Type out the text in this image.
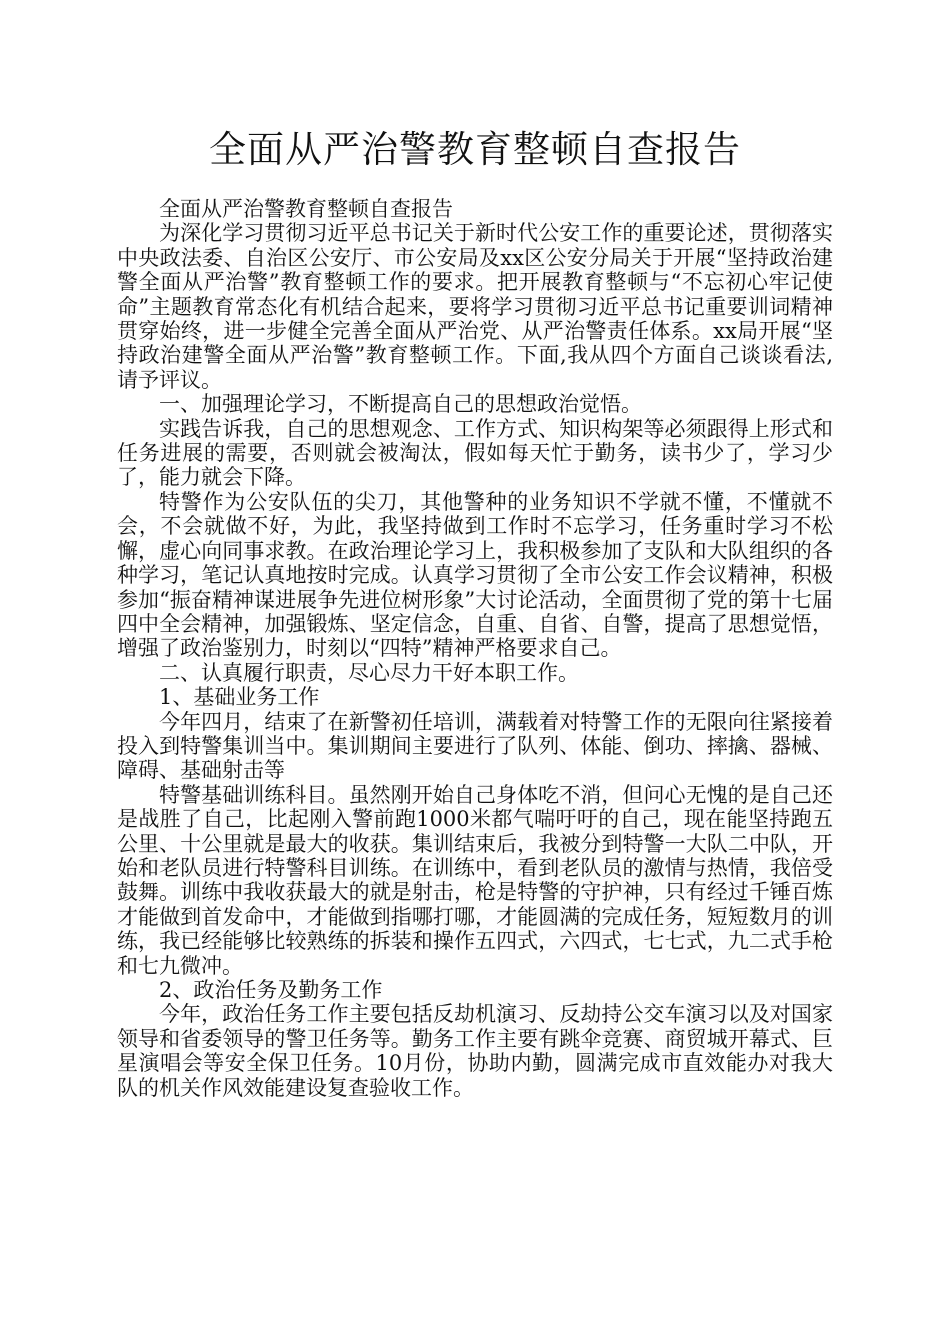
全面从严治警教育整顿自查报告

全面从严治警教育整顿自查报告

为深化学习贯彻习近平总书记关于新时代公安工作的重要论述，贯彻落实中央政法委、自治区公安厅、市公安局及xx区公安分局关于开展“坚持政治建警全面从严治警”教育整顿工作的要求。把开展教育整顿与“不忘初心牢记使命”主题教育常态化有机结合起来，要将学习贯彻习近平总书记重要训词精神贯穿始终，进一步健全完善全面从严治党、从严治警责任体系。xx局开展“坚持政治建警全面从严治警”教育整顿工作。下面,我从四个方面自己谈谈看法,请予评议。

一、加强理论学习，不断提高自己的思想政治觉悟。

实践告诉我，自己的思想观念、工作方式、知识构架等必须跟得上形式和任务进展的需要，否则就会被淘汰，假如每天忙于勤务，读书少了，学习少了，能力就会下降。

特警作为公安队伍的尖刀，其他警种的业务知识不学就不懂，不懂就不会，不会就做不好，为此，我坚持做到工作时不忘学习，任务重时学习不松懈，虚心向同事求教。在政治理论学习上，我积极参加了支队和大队组织的各种学习，笔记认真地按时完成。认真学习贯彻了全市公安工作会议精神，积极参加“振奋精神谋进展争先进位树形象”大讨论活动，全面贯彻了党的第十七届四中全会精神，加强锻炼、坚定信念，自重、自省、自警，提高了思想觉悟，增强了政治鉴别力，时刻以“四特”精神严格要求自己。

二、认真履行职责，尽心尽力干好本职工作。

1、基础业务工作

今年四月，结束了在新警初任培训，满载着对特警工作的无限向往紧接着投入到特警集训当中。集训期间主要进行了队列、体能、倒功、摔擒、器械、障碍、基础射击等

特警基础训练科目。虽然刚开始自己身体吃不消，但问心无愧的是自己还是战胜了自己，比起刚入警前跑1000米都气喘吁吁的自己，现在能坚持跑五公里、十公里就是最大的收获。集训结束后，我被分到特警一大队二中队，开始和老队员进行特警科目训练。在训练中，看到老队员的激情与热情，我倍受鼓舞。训练中我收获最大的就是射击，枪是特警的守护神，只有经过千锤百炼才能做到首发命中，才能做到指哪打哪，才能圆满的完成任务，短短数月的训练，我已经能够比较熟练的拆装和操作五四式，六四式，七七式，九二式手枪和七九微冲。

2、政治任务及勤务工作

今年，政治任务工作主要包括反劫机演习、反劫持公交车演习以及对国家领导和省委领导的警卫任务等。勤务工作主要有跳伞竞赛、商贸城开幕式、巨星演唱会等安全保卫任务。10月份，协助内勤，圆满完成市直效能办对我大队的机关作风效能建设复查验收工作。
